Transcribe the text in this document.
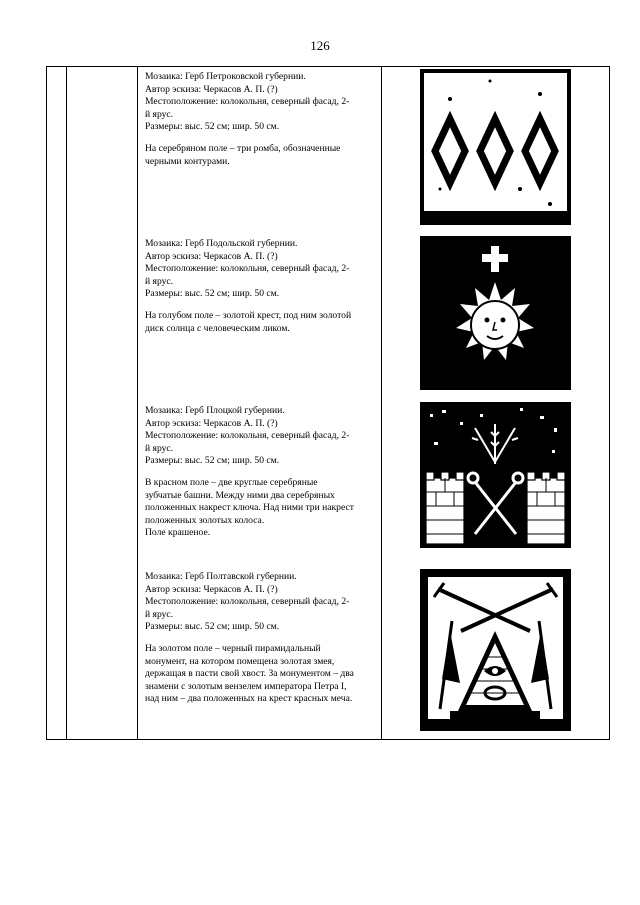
126
Мозаика: Герб Петроковской губернии.
Автор эскиза: Черкасов А. П. (?)
Местоположение: колокольня, северный фасад, 2-
й ярус.
Размеры: выс. 52 см; шир. 50 см.
На серебряном поле – три ромба, обозначенные
черными контурами.
Мозаика: Герб Подольской губернии.
Автор эскиза: Черкасов А. П. (?)
Местоположение: колокольня, северный фасад, 2-
й ярус.
Размеры: выс. 52 см; шир. 50 см.
На голубом поле – золотой крест, под ним золотой
диск солнца с человеческим ликом.
Мозаика: Герб Плоцкой губернии.
Автор эскиза: Черкасов А. П. (?)
Местоположение: колокольня, северный фасад, 2-
й ярус.
Размеры: выс. 52 см; шир. 50 см.
В красном поле – две круглые серебряные
зубчатые башни. Между ними два серебряных
положенных накрест ключа. Над ними три накрест
положенных золотых колоса.
Поле крашеное.
Мозаика: Герб Полтавской губернии.
Автор эскиза: Черкасов А. П. (?)
Местоположение: колокольня, северный фасад, 2-
й ярус.
Размеры: выс. 52 см; шир. 50 см.
На золотом поле – черный пирамидальный
монумент, на котором помещена золотая змея,
держащая в пасти свой хвост. За монументом – два
знамени с золотым вензелем императора Петра I,
над ним – два положенных на крест красных меча.
